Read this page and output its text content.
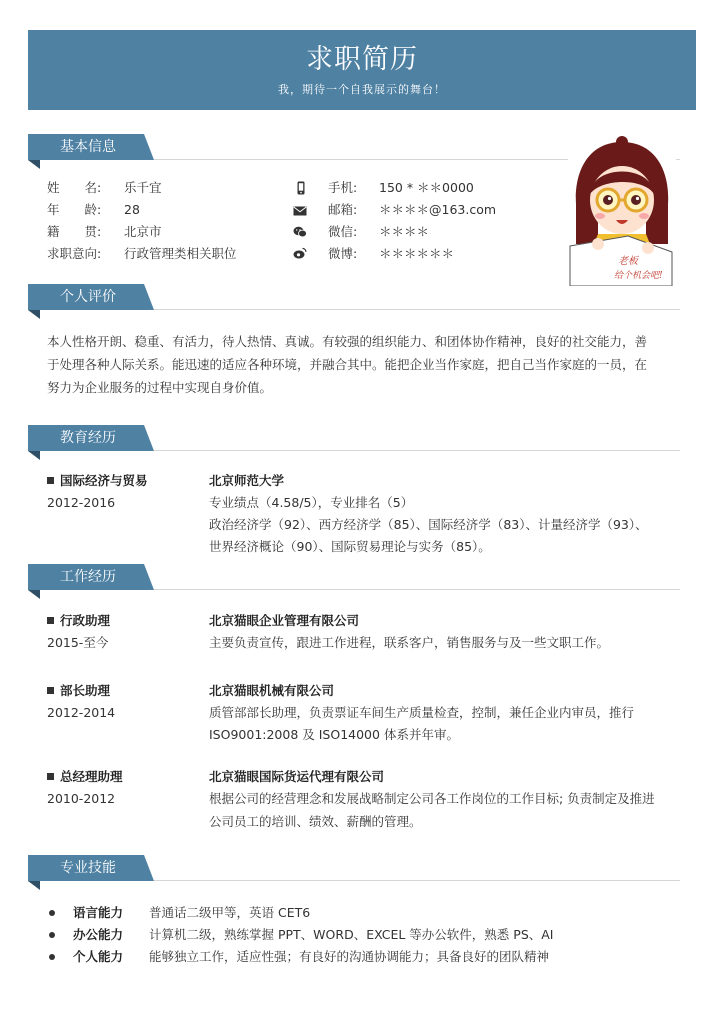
求职简历
我，期待一个自我展示的舞台！
基本信息
姓　　名: 乐千宜
年　　龄: 28
籍　　贯: 北京市
求职意向: 行政管理类相关职位
手机: 150 * ＊＊0000
邮箱: ＊＊＊＊@163.com
微信: ＊＊＊＊
微博: ＊＊＊＊＊＊
老板
给个机会吧!
个人评价
本人性格开朗、稳重、有活力，待人热情、真诚。有较强的组织能力、和团体协作精神，良好的社交能力，善
于处理各种人际关系。能迅速的适应各种环境，并融合其中。能把企业当作家庭，把自己当作家庭的一员，在
努力为企业服务的过程中实现自身价值。
教育经历
国际经济与贸易
2012-2016
北京师范大学
专业绩点（4.58/5），专业排名（5）
政治经济学（92）、西方经济学（85）、国际经济学（83）、计量经济学（93）、
世界经济概论（90）、国际贸易理论与实务（85）。
工作经历
行政助理
2015-至今
北京猫眼企业管理有限公司
主要负责宣传，跟进工作进程，联系客户，销售服务与及一些文职工作。
部长助理
2012-2014
北京猫眼机械有限公司
质管部部长助理，负责票证车间生产质量检查，控制，兼任企业内审员，推行
ISO9001:2008 及 ISO14000 体系并年审。
总经理助理
2010-2012
北京猫眼国际货运代理有限公司
根据公司的经营理念和发展战略制定公司各工作岗位的工作目标; 负责制定及推进
公司员工的培训、绩效、薪酬的管理。
专业技能
语言能力 普通话二级甲等，英语 CET6
办公能力 计算机二级，熟练掌握 PPT、WORD、EXCEL 等办公软件，熟悉 PS、AI
个人能力 能够独立工作，适应性强；有良好的沟通协调能力；具备良好的团队精神
